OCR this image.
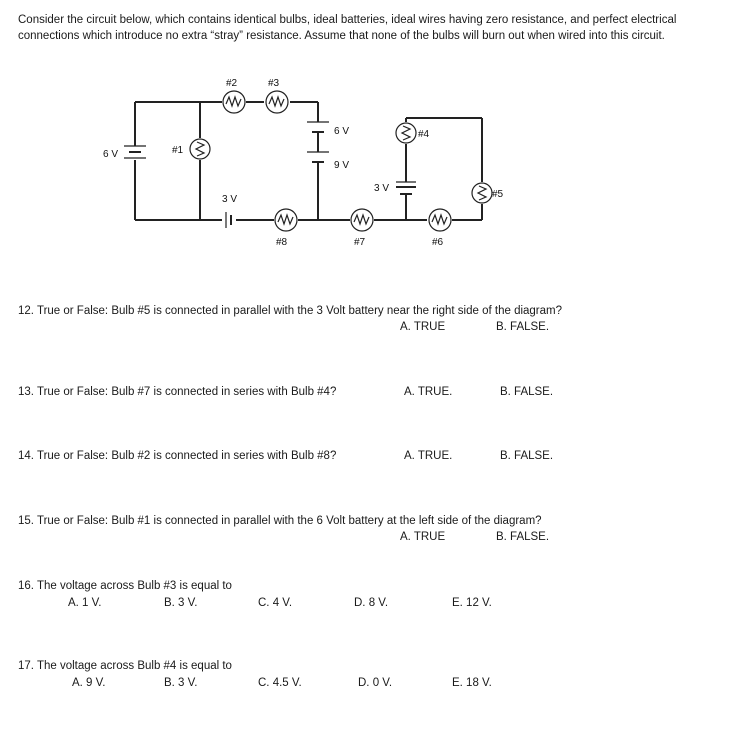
Consider the circuit below, which contains identical bulbs, ideal batteries, ideal wires having zero resistance, and perfect electrical connections which introduce no extra “stray” resistance. Assume that none of the bulbs will burn out when wired into this circuit.
6 V
3 V
6 V
9 V
3 V
#1
#2	#3
#4
#5
#6
#7
#8
12. True or False: Bulb #5 is connected in parallel with the 3 Volt battery near the right side of the diagram?
A. TRUE	B. FALSE.
13. True or False: Bulb #7 is connected in series with Bulb #4?	A. TRUE.	B. FALSE.
14. True or False: Bulb #2 is connected in series with Bulb #8?	A. TRUE.	B. FALSE.
15. True or False: Bulb #1 is connected in parallel with the 6 Volt battery at the left side of the diagram?
A. TRUE	B. FALSE.
16. The voltage across Bulb #3 is equal to
A. 1 V.	B. 3 V.	C. 4 V.	D. 8 V.	E. 12 V.
17. The voltage across Bulb #4 is equal to
A. 9 V.	B. 3 V.	C. 4.5 V.	D. 0 V.	E. 18 V.
